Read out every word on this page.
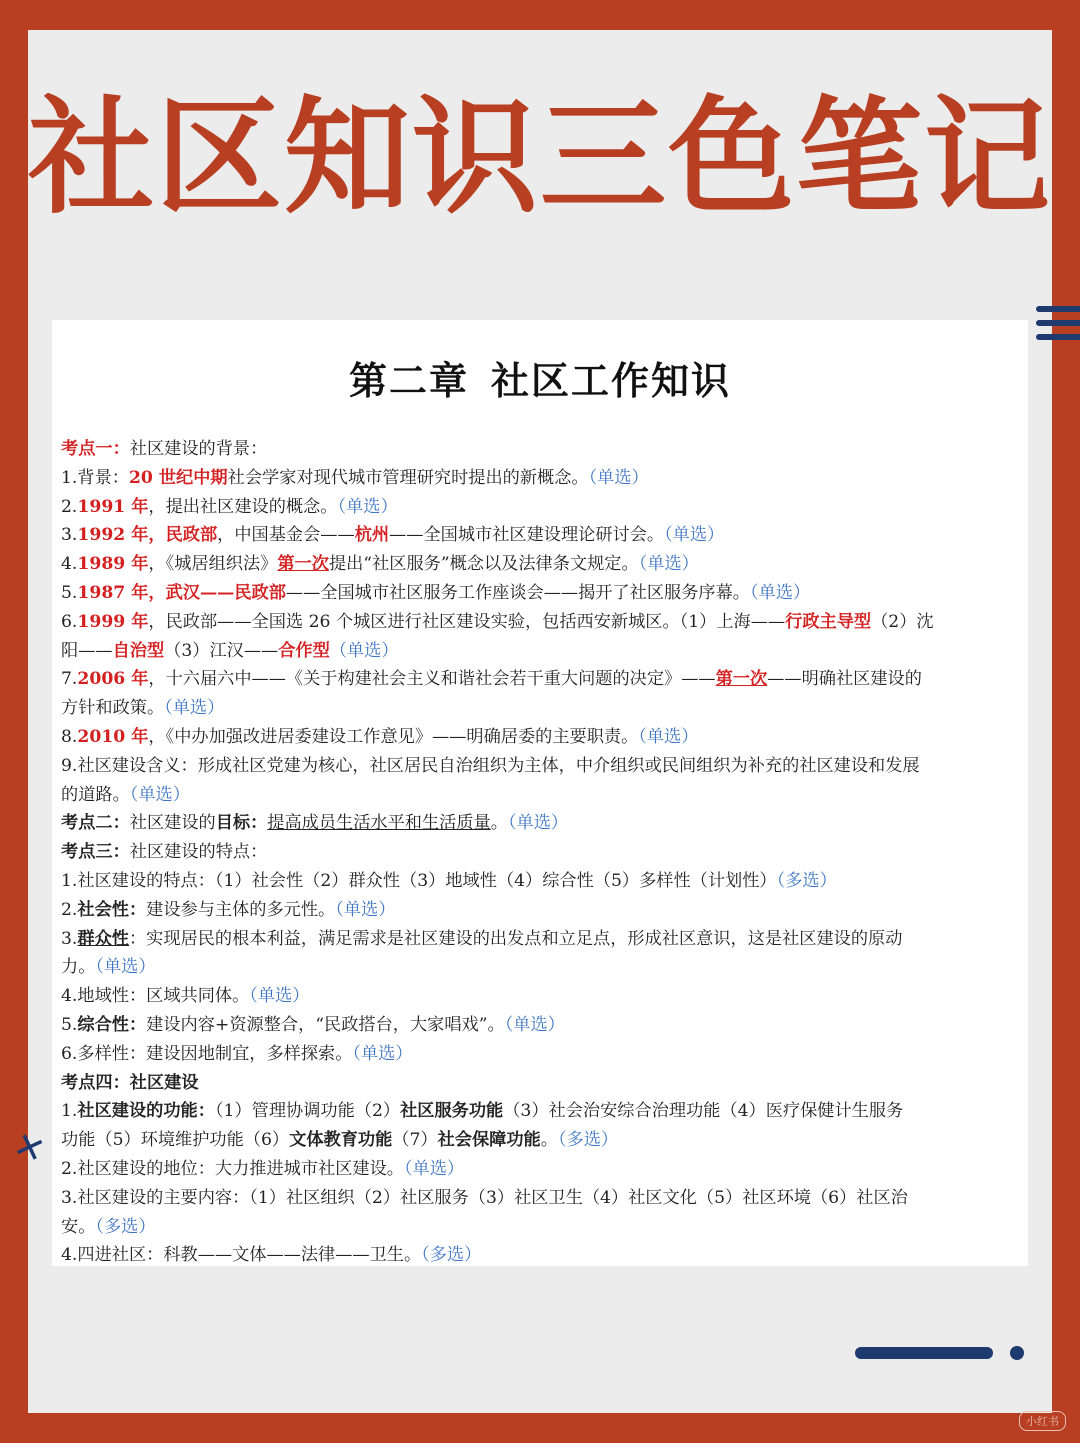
社区知识三色笔记
第二章 社区工作知识
考点一：社区建设的背景：
1.背景：20 世纪中期社会学家对现代城市管理研究时提出的新概念。（单选）
2.1991 年，提出社区建设的概念。（单选）
3.1992 年，民政部，中国基金会——杭州——全国城市社区建设理论研讨会。（单选）
4.1989 年，《城居组织法》第一次提出“社区服务”概念以及法律条文规定。（单选）
5.1987 年，武汉——民政部——全国城市社区服务工作座谈会——揭开了社区服务序幕。（单选）
6.1999 年，民政部——全国选 26 个城区进行社区建设实验，包括西安新城区。（1）上海——行政主导型（2）沈
阳——自治型（3）江汉——合作型（单选）
7.2006 年，十六届六中——《关于构建社会主义和谐社会若干重大问题的决定》——第一次——明确社区建设的
方针和政策。（单选）
8.2010 年，《中办加强改进居委建设工作意见》——明确居委的主要职责。（单选）
9.社区建设含义：形成社区党建为核心，社区居民自治组织为主体，中介组织或民间组织为补充的社区建设和发展
的道路。（单选）
考点二：社区建设的目标：提高成员生活水平和生活质量。（单选）
考点三：社区建设的特点：
1.社区建设的特点：（1）社会性（2）群众性（3）地域性（4）综合性（5）多样性（计划性）（多选）
2.社会性：建设参与主体的多元性。（单选）
3.群众性：实现居民的根本利益，满足需求是社区建设的出发点和立足点，形成社区意识，这是社区建设的原动
力。（单选）
4.地域性：区域共同体。（单选）
5.综合性：建设内容+资源整合，“民政搭台，大家唱戏”。（单选）
6.多样性：建设因地制宜，多样探索。（单选）
考点四：社区建设
1.社区建设的功能：（1）管理协调功能（2）社区服务功能（3）社会治安综合治理功能（4）医疗保健计生服务
功能（5）环境维护功能（6）文体教育功能（7）社会保障功能。（多选）
2.社区建设的地位：大力推进城市社区建设。（单选）
3.社区建设的主要内容：（1）社区组织（2）社区服务（3）社区卫生（4）社区文化（5）社区环境（6）社区治
安。（多选）
4.四进社区：科教——文体——法律——卫生。（多选）
✕
小红书
